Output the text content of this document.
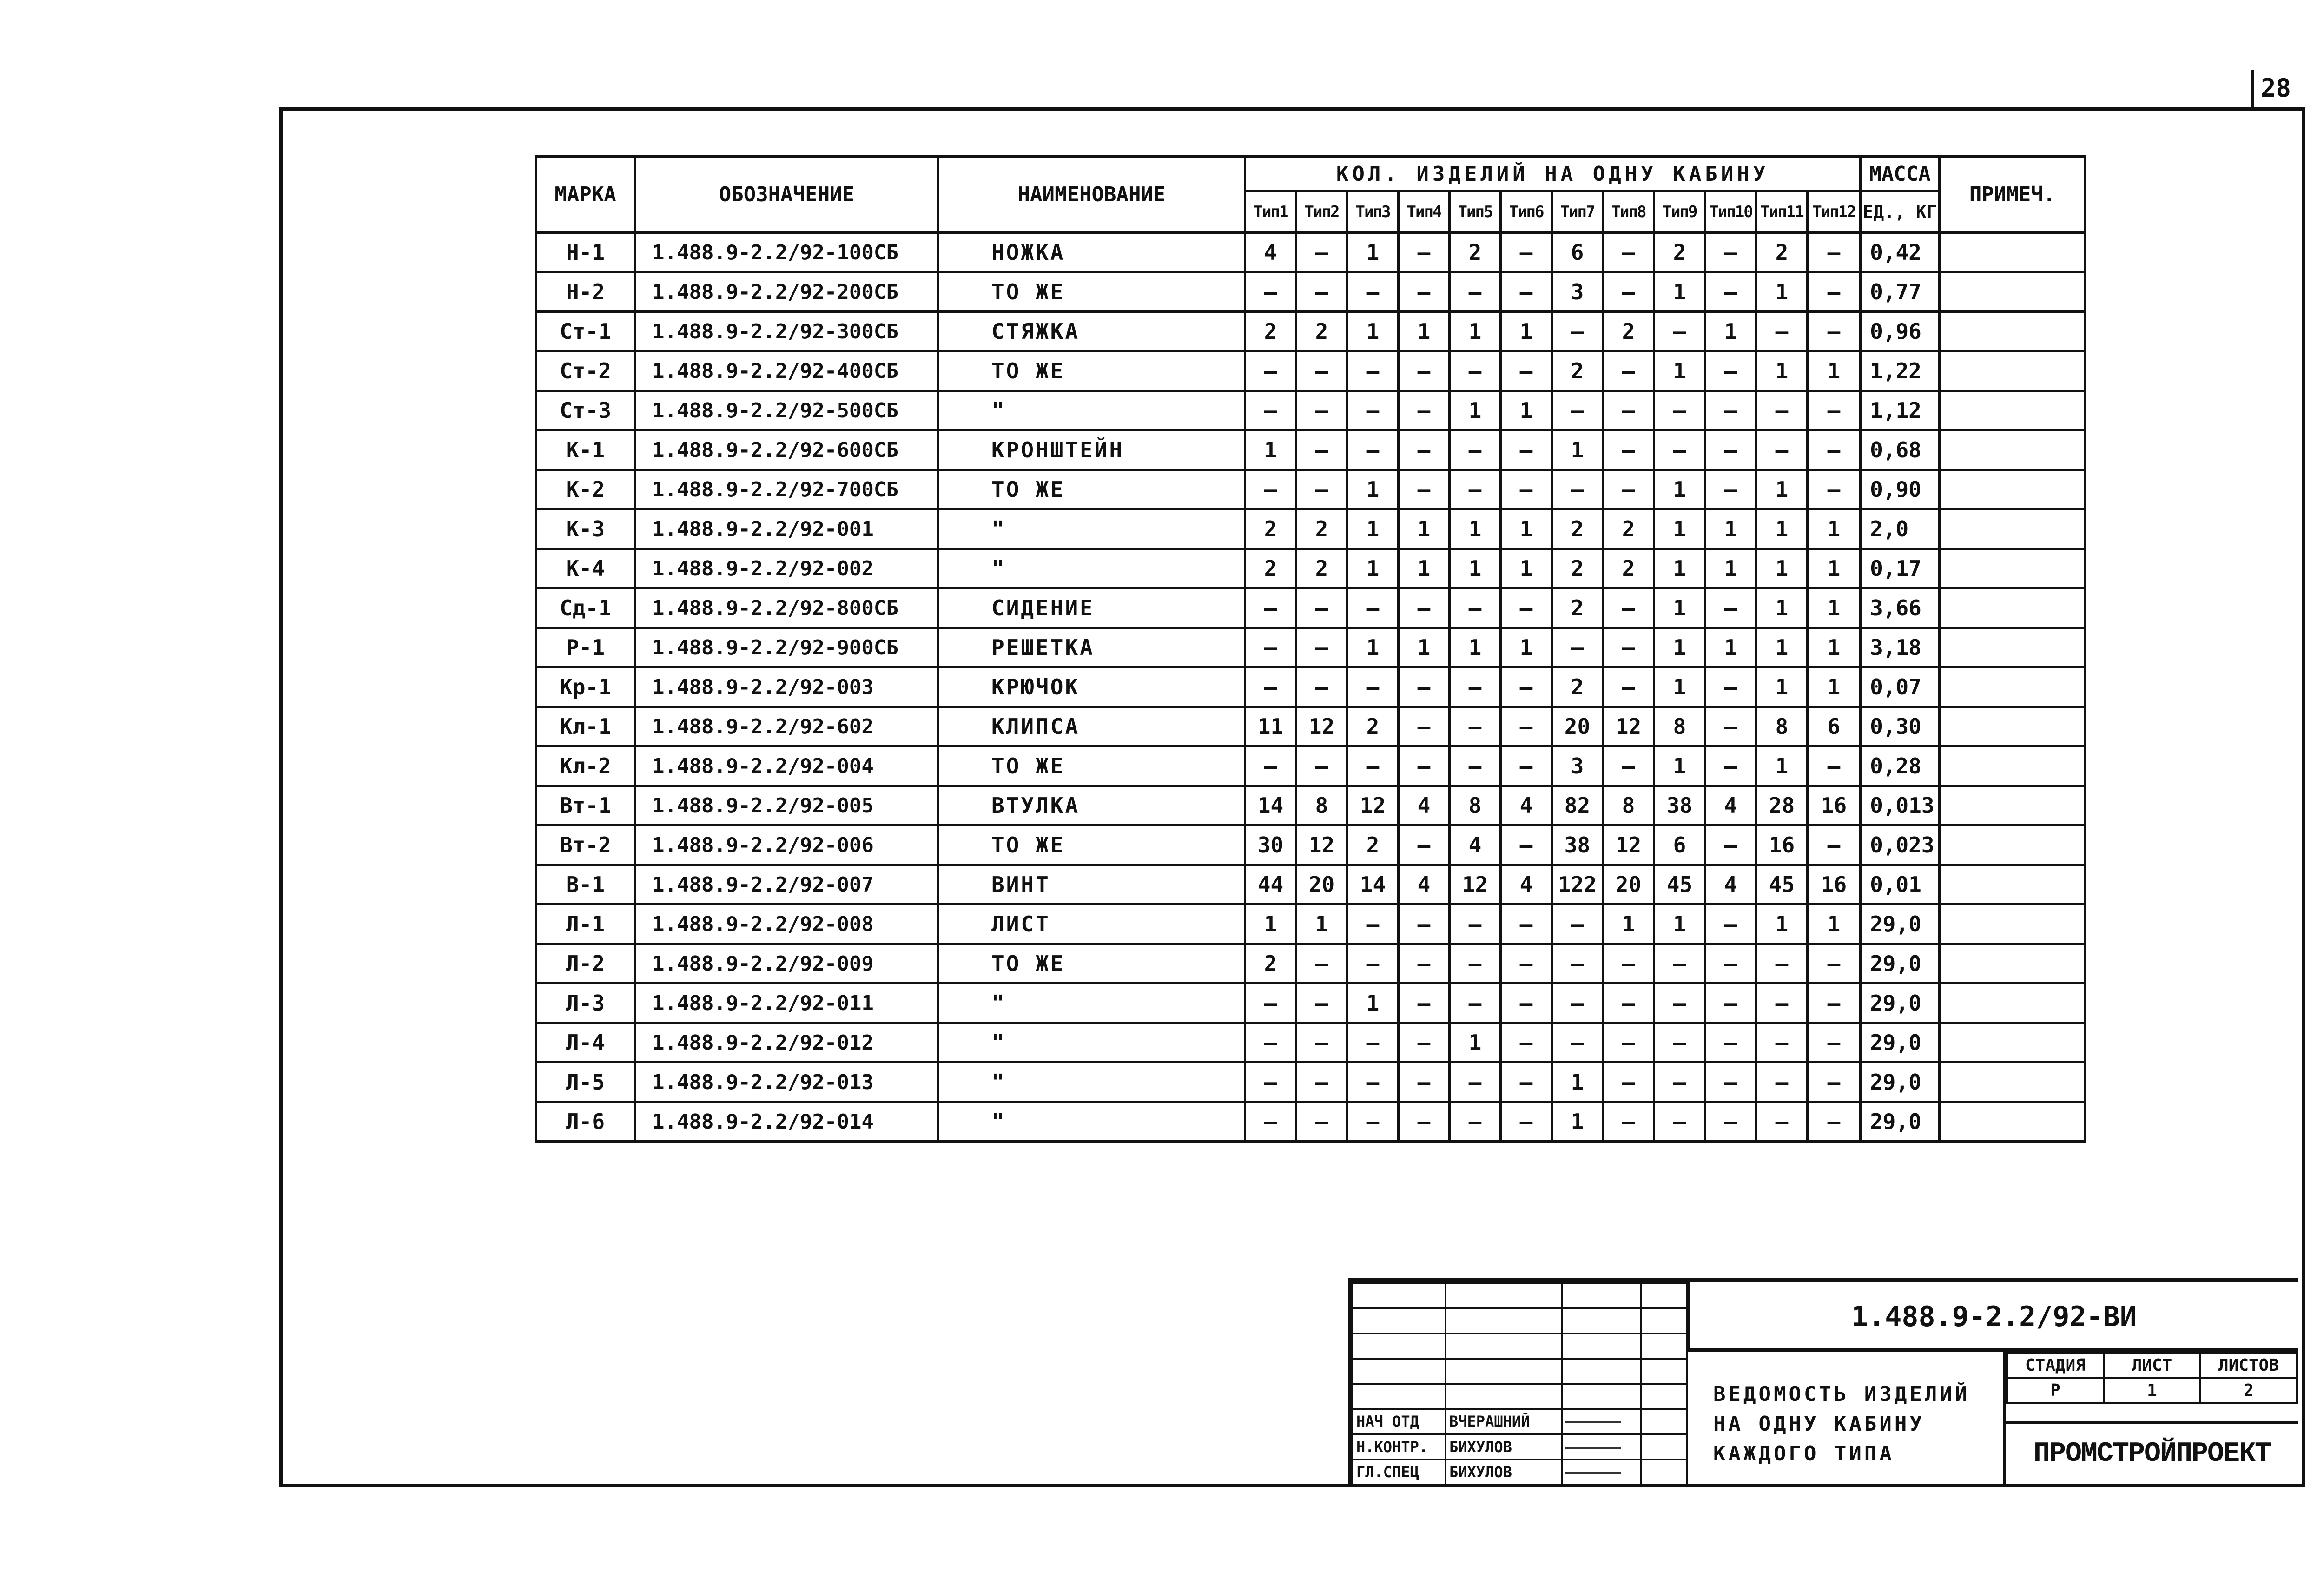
28
МАРКА	ОБОЗНАЧЕНИЕ	НАИМЕНОВАНИЕ	КОЛ. ИЗДЕЛИЙ НА ОДНУ КАБИНУ												МАССА	ПРИМЕЧ.
			Тип1	Тип2	Тип3	Тип4	Тип5	Тип6	Тип7	Тип8	Тип9	Тип10	Тип11	Тип12	ЕД., КГ	
Н-1	1.488.9-2.2/92-100СБ	НОЖКА	4	—	1	—	2	—	6	—	2	—	2	—	0,42	
Н-2	1.488.9-2.2/92-200СБ	ТО ЖЕ	—	—	—	—	—	—	3	—	1	—	1	—	0,77	
Ст-1	1.488.9-2.2/92-300СБ	СТЯЖКА	2	2	1	1	1	1	—	2	—	1	—	—	0,96	
Ст-2	1.488.9-2.2/92-400СБ	ТО ЖЕ	—	—	—	—	—	—	2	—	1	—	1	1	1,22	
Ст-3	1.488.9-2.2/92-500СБ	"	—	—	—	—	1	1	—	—	—	—	—	—	1,12	
К-1	1.488.9-2.2/92-600СБ	КРОНШТЕЙН	1	—	—	—	—	—	1	—	—	—	—	—	0,68	
К-2	1.488.9-2.2/92-700СБ	ТО ЖЕ	—	—	1	—	—	—	—	—	1	—	1	—	0,90	
К-3	1.488.9-2.2/92-001	"	2	2	1	1	1	1	2	2	1	1	1	1	2,0	
К-4	1.488.9-2.2/92-002	"	2	2	1	1	1	1	2	2	1	1	1	1	0,17	
Сд-1	1.488.9-2.2/92-800СБ	СИДЕНИЕ	—	—	—	—	—	—	2	—	1	—	1	1	3,66	
Р-1	1.488.9-2.2/92-900СБ	РЕШЕТКА	—	—	1	1	1	1	—	—	1	1	1	1	3,18	
Кр-1	1.488.9-2.2/92-003	КРЮЧОК	—	—	—	—	—	—	2	—	1	—	1	1	0,07	
Кл-1	1.488.9-2.2/92-602	КЛИПСА	11	12	2	—	—	—	20	12	8	—	8	6	0,30	
Кл-2	1.488.9-2.2/92-004	ТО ЖЕ	—	—	—	—	—	—	3	—	1	—	1	—	0,28	
Вт-1	1.488.9-2.2/92-005	ВТУЛКА	14	8	12	4	8	4	82	8	38	4	28	16	0,013	
Вт-2	1.488.9-2.2/92-006	ТО ЖЕ	30	12	2	—	4	—	38	12	6	—	16	—	0,023	
В-1	1.488.9-2.2/92-007	ВИНТ	44	20	14	4	12	4	122	20	45	4	45	16	0,01	
Л-1	1.488.9-2.2/92-008	ЛИСТ	1	1	—	—	—	—	—	1	1	—	1	1	29,0	
Л-2	1.488.9-2.2/92-009	ТО ЖЕ	2	—	—	—	—	—	—	—	—	—	—	—	29,0	
Л-3	1.488.9-2.2/92-011	"	—	—	1	—	—	—	—	—	—	—	—	—	29,0	
Л-4	1.488.9-2.2/92-012	"	—	—	—	—	1	—	—	—	—	—	—	—	29,0	
Л-5	1.488.9-2.2/92-013	"	—	—	—	—	—	—	1	—	—	—	—	—	29,0	
Л-6	1.488.9-2.2/92-014	"	—	—	—	—	—	—	1	—	—	—	—	—	29,0	

НАЧ ОТД	ВЧЕРАШНИЙ		
Н.КОНТР.	БИХУЛОВ		
ГЛ.СПЕЦ	БИХУЛОВ		
1.488.9-2.2/92-ВИ
ВЕДОМОСТЬ ИЗДЕЛИЙ
НА ОДНУ КАБИНУ
КАЖДОГО ТИПА
СТАДИЯ	ЛИСТ	ЛИСТОВ
Р	1	2
ПРОМСТРОЙПРОЕКТ
